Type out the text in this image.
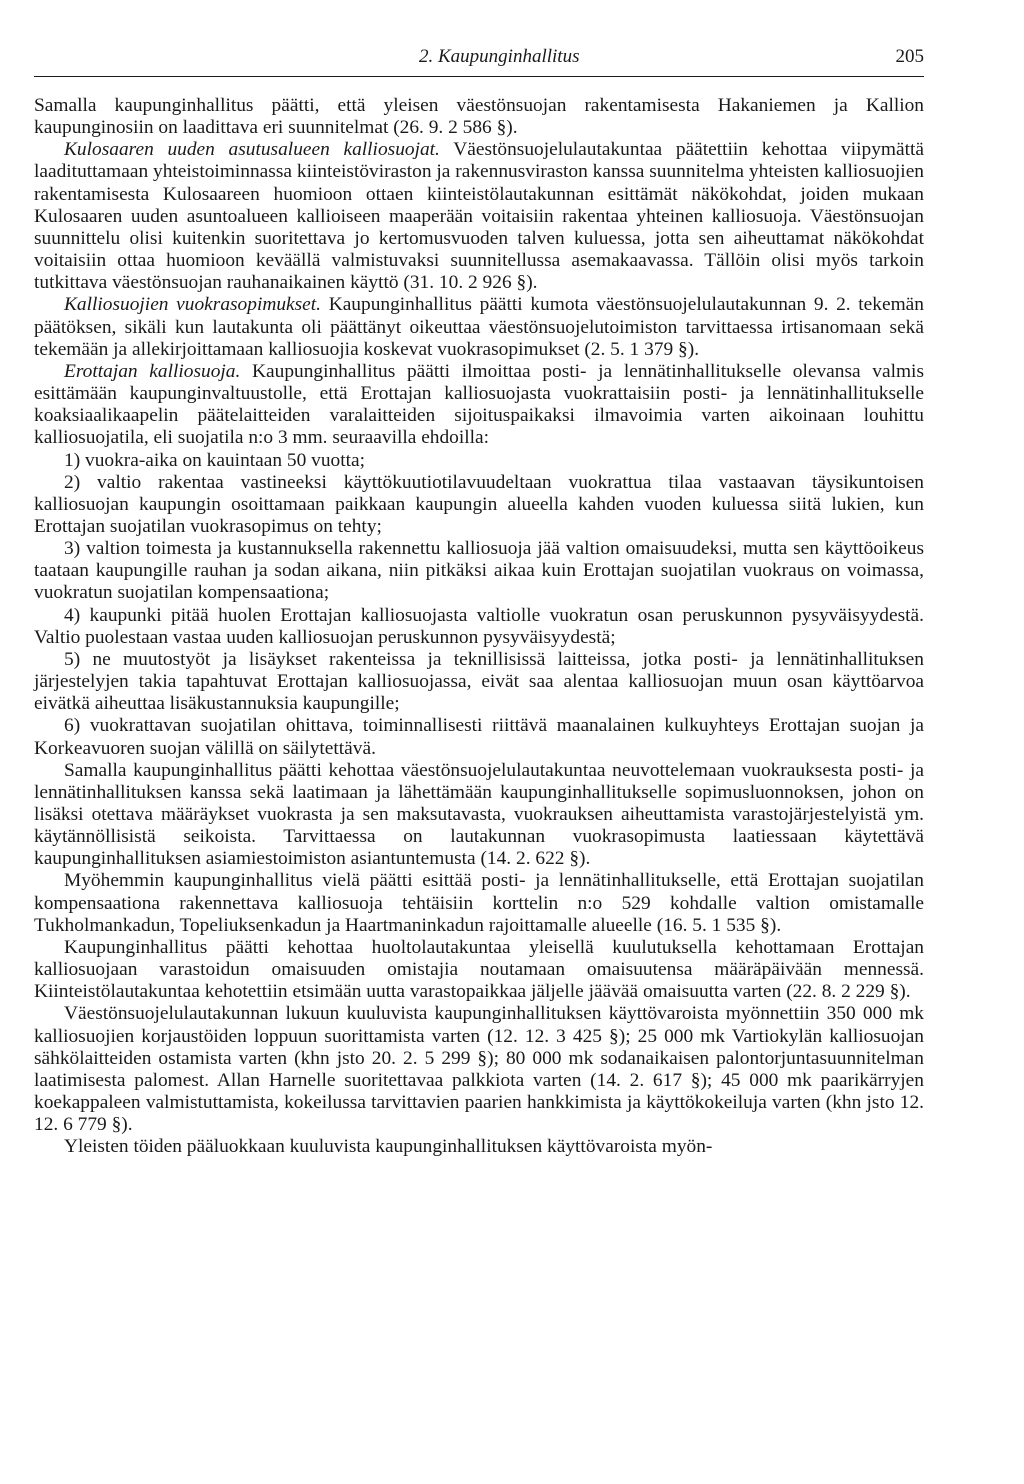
2. Kaupunginhallitus	205

Samalla kaupunginhallitus päätti, että yleisen väestönsuojan rakentamisesta Hakaniemen ja Kallion kaupunginosiin on laadittava eri suunnitelmat (26. 9. 2 586 §).

Kulosaaren uuden asutusalueen kalliosuojat. Väestönsuojelulautakuntaa päätettiin kehottaa viipymättä laadituttamaan yhteistoiminnassa kiinteistöviraston ja rakennusviraston kanssa suunnitelma yhteisten kalliosuojien rakentamisesta Kulosaareen huomioon ottaen kiinteistölautakunnan esittämät näkökohdat, joiden mukaan Kulosaaren uuden asuntoalueen kallioiseen maaperään voitaisiin rakentaa yhteinen kalliosuoja. Väestönsuojan suunnittelu olisi kuitenkin suoritettava jo kertomusvuoden talven kuluessa, jotta sen aiheuttamat näkökohdat voitaisiin ottaa huomioon keväällä valmistuvaksi suunnitellussa asemakaavassa. Tällöin olisi myös tarkoin tutkittava väestönsuojan rauhanaikainen käyttö (31. 10. 2 926 §).

Kalliosuojien vuokrasopimukset. Kaupunginhallitus päätti kumota väestönsuojelulautakunnan 9. 2. tekemän päätöksen, sikäli kun lautakunta oli päättänyt oikeuttaa väestönsuojelutoimiston tarvittaessa irtisanomaan sekä tekemään ja allekirjoittamaan kalliosuojia koskevat vuokrasopimukset (2. 5. 1 379 §).

Erottajan kalliosuoja. Kaupunginhallitus päätti ilmoittaa posti- ja lennätinhallitukselle olevansa valmis esittämään kaupunginvaltuustolle, että Erottajan kalliosuojasta vuokrattaisiin posti- ja lennätinhallitukselle koaksiaalikaapelin päätelaitteiden varalaitteiden sijoituspaikaksi ilmavoimia varten aikoinaan louhittu kalliosuojatila, eli suojatila n:o 3 mm. seuraavilla ehdoilla:

1) vuokra-aika on kauintaan 50 vuotta;

2) valtio rakentaa vastineeksi käyttökuutiotilavuudeltaan vuokrattua tilaa vastaavan täysikuntoisen kalliosuojan kaupungin osoittamaan paikkaan kaupungin alueella kahden vuoden kuluessa siitä lukien, kun Erottajan suojatilan vuokrasopimus on tehty;

3) valtion toimesta ja kustannuksella rakennettu kalliosuoja jää valtion omaisuudeksi, mutta sen käyttöoikeus taataan kaupungille rauhan ja sodan aikana, niin pitkäksi aikaa kuin Erottajan suojatilan vuokraus on voimassa, vuokratun suojatilan kompensaationa;

4) kaupunki pitää huolen Erottajan kalliosuojasta valtiolle vuokratun osan peruskunnon pysyväisyydestä. Valtio puolestaan vastaa uuden kalliosuojan peruskunnon pysyväisyydestä;

5) ne muutostyöt ja lisäykset rakenteissa ja teknillisissä laitteissa, jotka posti- ja lennätinhallituksen järjestelyjen takia tapahtuvat Erottajan kalliosuojassa, eivät saa alentaa kalliosuojan muun osan käyttöarvoa eivätkä aiheuttaa lisäkustannuksia kaupungille;

6) vuokrattavan suojatilan ohittava, toiminnallisesti riittävä maanalainen kulkuyhteys Erottajan suojan ja Korkeavuoren suojan välillä on säilytettävä.

Samalla kaupunginhallitus päätti kehottaa väestönsuojelulautakuntaa neuvottelemaan vuokrauksesta posti- ja lennätinhallituksen kanssa sekä laatimaan ja lähettämään kaupunginhallitukselle sopimusluonnoksen, johon on lisäksi otettava määräykset vuokrasta ja sen maksutavasta, vuokrauksen aiheuttamista varastojärjestelyistä ym. käytännöllisistä seikoista. Tarvittaessa on lautakunnan vuokrasopimusta laatiessaan käytettävä kaupunginhallituksen asiamiestoimiston asiantuntemusta (14. 2. 622 §).

Myöhemmin kaupunginhallitus vielä päätti esittää posti- ja lennätinhallitukselle, että Erottajan suojatilan kompensaationa rakennettava kalliosuoja tehtäisiin korttelin n:o 529 kohdalle valtion omistamalle Tukholmankadun, Topeliuksenkadun ja Haartmaninkadun rajoittamalle alueelle (16. 5. 1 535 §).

Kaupunginhallitus päätti kehottaa huoltolautakuntaa yleisellä kuulutuksella kehottamaan Erottajan kalliosuojaan varastoidun omaisuuden omistajia noutamaan omaisuutensa määräpäivään mennessä. Kiinteistölautakuntaa kehotettiin etsimään uutta varastopaikkaa jäljelle jäävää omaisuutta varten (22. 8. 2 229 §).

Väestönsuojelulautakunnan lukuun kuuluvista kaupunginhallituksen käyttövaroista myönnettiin 350 000 mk kalliosuojien korjaustöiden loppuun suorittamista varten (12. 12. 3 425 §); 25 000 mk Vartiokylän kalliosuojan sähkölaitteiden ostamista varten (khn jsto 20. 2. 5 299 §); 80 000 mk sodanaikaisen palontorjuntasuunnitelman laatimisesta palomest. Allan Harnelle suoritettavaa palkkiota varten (14. 2. 617 §); 45 000 mk paarikärryjen koekappaleen valmistuttamista, kokeilussa tarvittavien paarien hankkimista ja käyttökokeiluja varten (khn jsto 12. 12. 6 779 §).

Yleisten töiden pääluokkaan kuuluvista kaupunginhallituksen käyttövaroista myön-
